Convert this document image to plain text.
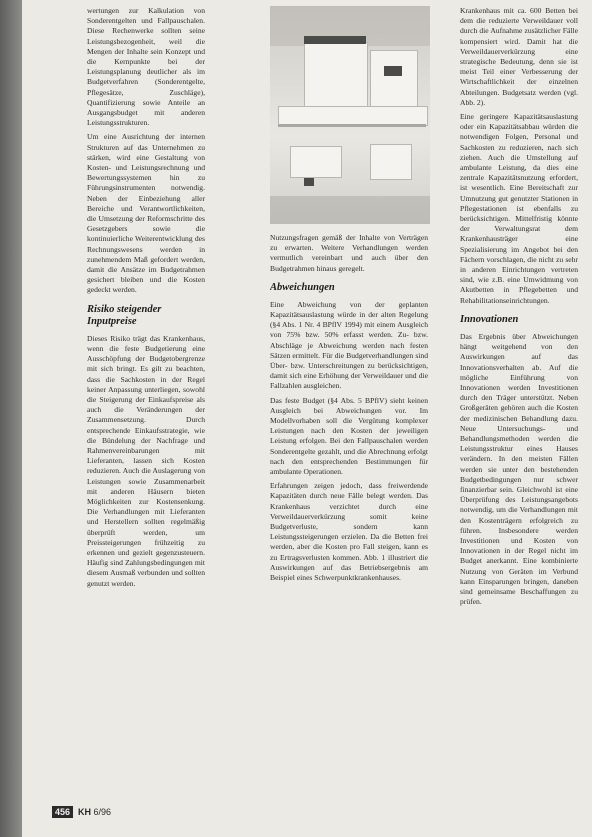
wertungen zur Kalkulation von Sonderentgelten und Fallpauschalen. Diese Rechenwerke sollten seine Leistungsbezogenheit, weil die Mengen der Inhalte sein Konzept und die Kernpunkte bei der Leistungsplanung deutlicher als im Budgetverfahren (Sonderentgelte, Pflegesätze, Zuschläge), Quantifizierung sowie Anteile an Ausgangsbudget mit anderen Leistungsstrukturen.

Um eine Ausrichtung der internen Strukturen auf das Unternehmen zu stärken, wird eine Gestaltung von Kosten- und Leistungsrechnung und Bewertungssystemen hin zu Führungsinstrumenten notwendig. Neben der Einbeziehung aller Bereiche und Verantwortlichkeiten, die Umsetzung der Reformschritte des Gesetzgebers sowie die kontinuierliche Weiterentwicklung des Rechnungswesens werden in zunehmendem Maß gefordert werden, damit die Ansätze im Budgetrahmen gesichert bleiben und die Kosten gedeckt werden.

Risiko steigender Inputpreise

Dieses Risiko trägt das Krankenhaus, wenn die feste Budgetierung eine Ausschöpfung der Budgetobergrenze mit sich bringt. Es gilt zu beachten, dass die Sachkosten in der Regel keiner Anpassung unterliegen, sowohl die Steigerung der Einkaufspreise als auch die Veränderungen der Zusammensetzung. Durch entsprechende Einkaufsstrategie, wie die Bündelung der Nachfrage und Rahmenvereinbarungen mit Lieferanten, lassen sich Kosten reduzieren. Auch die Auslagerung von Leistungen sowie Zusammenarbeit mit anderen Häusern bieten Möglichkeiten zur Kostensenkung. Die Verhandlungen mit Lieferanten und Herstellern sollten regelmäßig überprüft werden, um Preissteigerungen frühzeitig zu erkennen und gezielt gegenzusteuern. Häufig sind Zahlungsbedingungen mit diesem Ausmaß verbunden und sollten genutzt werden.

Nutzungsfragen gemäß der Inhalte von Verträgen zu erwarten. Weitere Verhandlungen werden vermutlich vereinbart und auch über den Budgetrahmen hinaus geregelt.

Abweichungen

Eine Abweichung von der geplanten Kapazitätsauslastung würde in der alten Regelung (§4 Abs. 1 Nr. 4 BPflV 1994) mit einem Ausgleich von 75% bzw. 50% erfasst werden. Zu- bzw. Abschläge je Abweichung werden nach festen Sätzen ermittelt. Für die Budgetverhandlungen sind Über- bzw. Unterschreitungen zu berücksichtigen, damit sich eine Erhöhung der Verweildauer und die Fallzahlen ausgleichen.

Das feste Budget (§4 Abs. 5 BPflV) sieht keinen Ausgleich bei Abweichungen vor. Im Modellvorhaben soll die Vergütung komplexer Leistungen nach den Kosten der jeweiligen Leistung erfolgen. Bei den Fallpauschalen werden Sonderentgelte gezahlt, und die Abrechnung erfolgt nach den entsprechenden Bestimmungen für ambulante Operationen.

Erfahrungen zeigen jedoch, dass freiwerdende Kapazitäten durch neue Fälle belegt werden. Das Krankenhaus verzichtet durch eine Verweildauerverkürzung somit keine Budgetverluste, sondern kann Leistungssteigerungen erzielen. Da die Betten frei werden, aber die Kosten pro Fall steigen, kann es zu Ertragsverlusten kommen. Abb. 1 illustriert die Auswirkungen auf das Betriebsergebnis am Beispiel eines Schwerpunktkrankenhauses.

Krankenhaus mit ca. 600 Betten bei dem die reduzierte Verweildauer voll durch die Aufnahme zusätzlicher Fälle kompensiert wird. Damit hat die Verweildauerverkürzung eine strategische Bedeutung, denn sie ist meist Teil einer Verbesserung der Wirtschaftlichkeit der einzelnen Abteilungen. Budgetsatz werden (vgl. Abb. 2).

Eine geringere Kapazitätsauslastung oder ein Kapazitätsabbau würden die notwendigen Folgen, Personal und Sachkosten zu reduzieren, nach sich ziehen. Auch die Umstellung auf ambulante Leistung, da dies eine zentrale Kapazitätsnutzung erfordert, ist wesentlich. Eine Bereitschaft zur Umnutzung gut genutzter Stationen in Pflegestationen ist ebenfalls zu berücksichtigen. Mittelfristig könnte der Verwaltungsrat dem Krankenhausträger eine Spezialisierung im Angebot bei den Fächern vorschlagen, die nicht zu sehr in anderen Einrichtungen vertreten sind, wie z.B. eine Umwidmung von Akutbetten in Pflegebetten und Rehabilitationseinrichtungen.

Innovationen

Das Ergebnis über Abweichungen hängt weitgehend von den Auswirkungen auf das Innovationsverhalten ab. Auf die mögliche Einführung von Innovationen werden Investitionen durch den Träger unterstützt. Neben Großgeräten gehören auch die Kosten der medizinischen Behandlung dazu. Neue Untersuchungs- und Behandlungsmethoden werden die Leistungsstruktur eines Hauses verändern. In den meisten Fällen werden sie unter den bestehenden Budgetbedingungen nur schwer finanzierbar sein. Gleichwohl ist eine Überprüfung des Leistungsangebots notwendig, um die Verhandlungen mit den Kostenträgern erfolgreich zu führen. Insbesondere werden Investitionen und Kosten von Innovationen in der Regel nicht im Budget anerkannt. Eine kombinierte Nutzung von Geräten im Verbund kann Einsparungen bringen, daneben sind gemeinsame Beschaffungen zu prüfen.

456 KH 6/96
